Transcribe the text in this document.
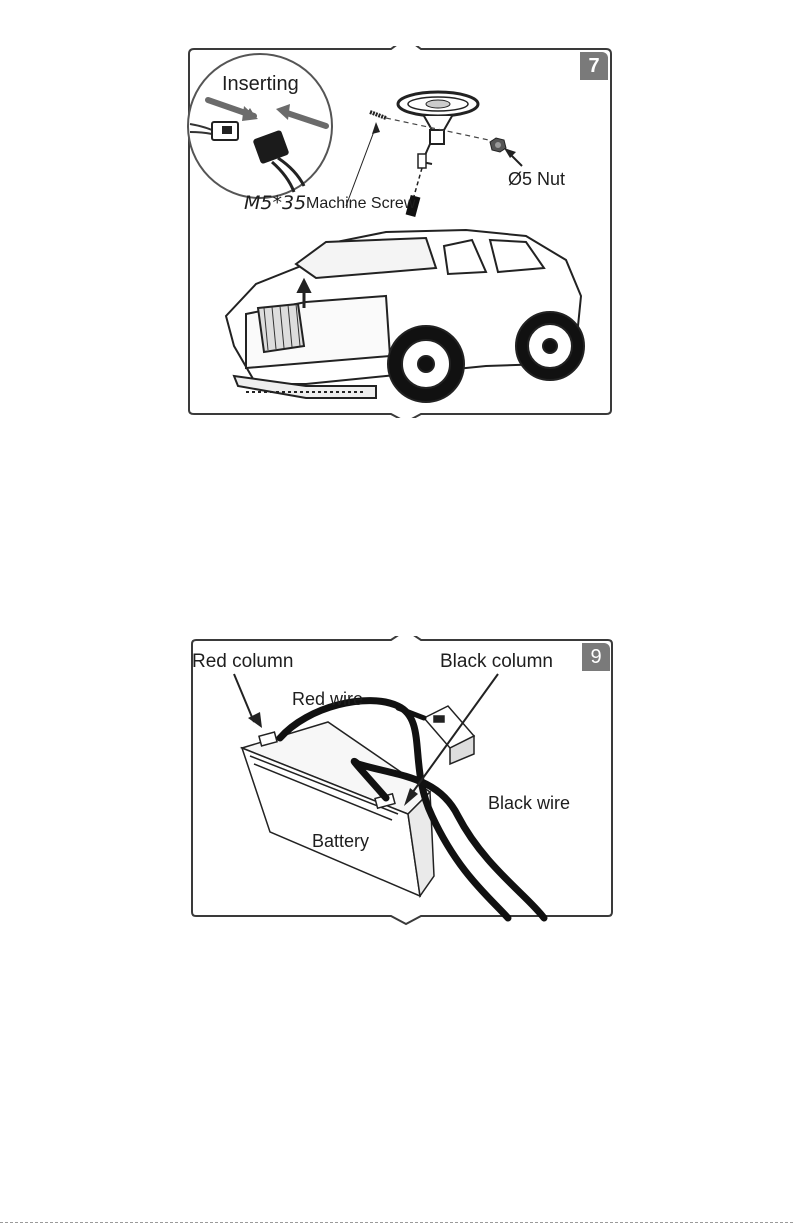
Inserting
M5*35 Machine Screw
Ø5 Nut
7
Red column	Black column
Red wire
Black wire
Battery
9
